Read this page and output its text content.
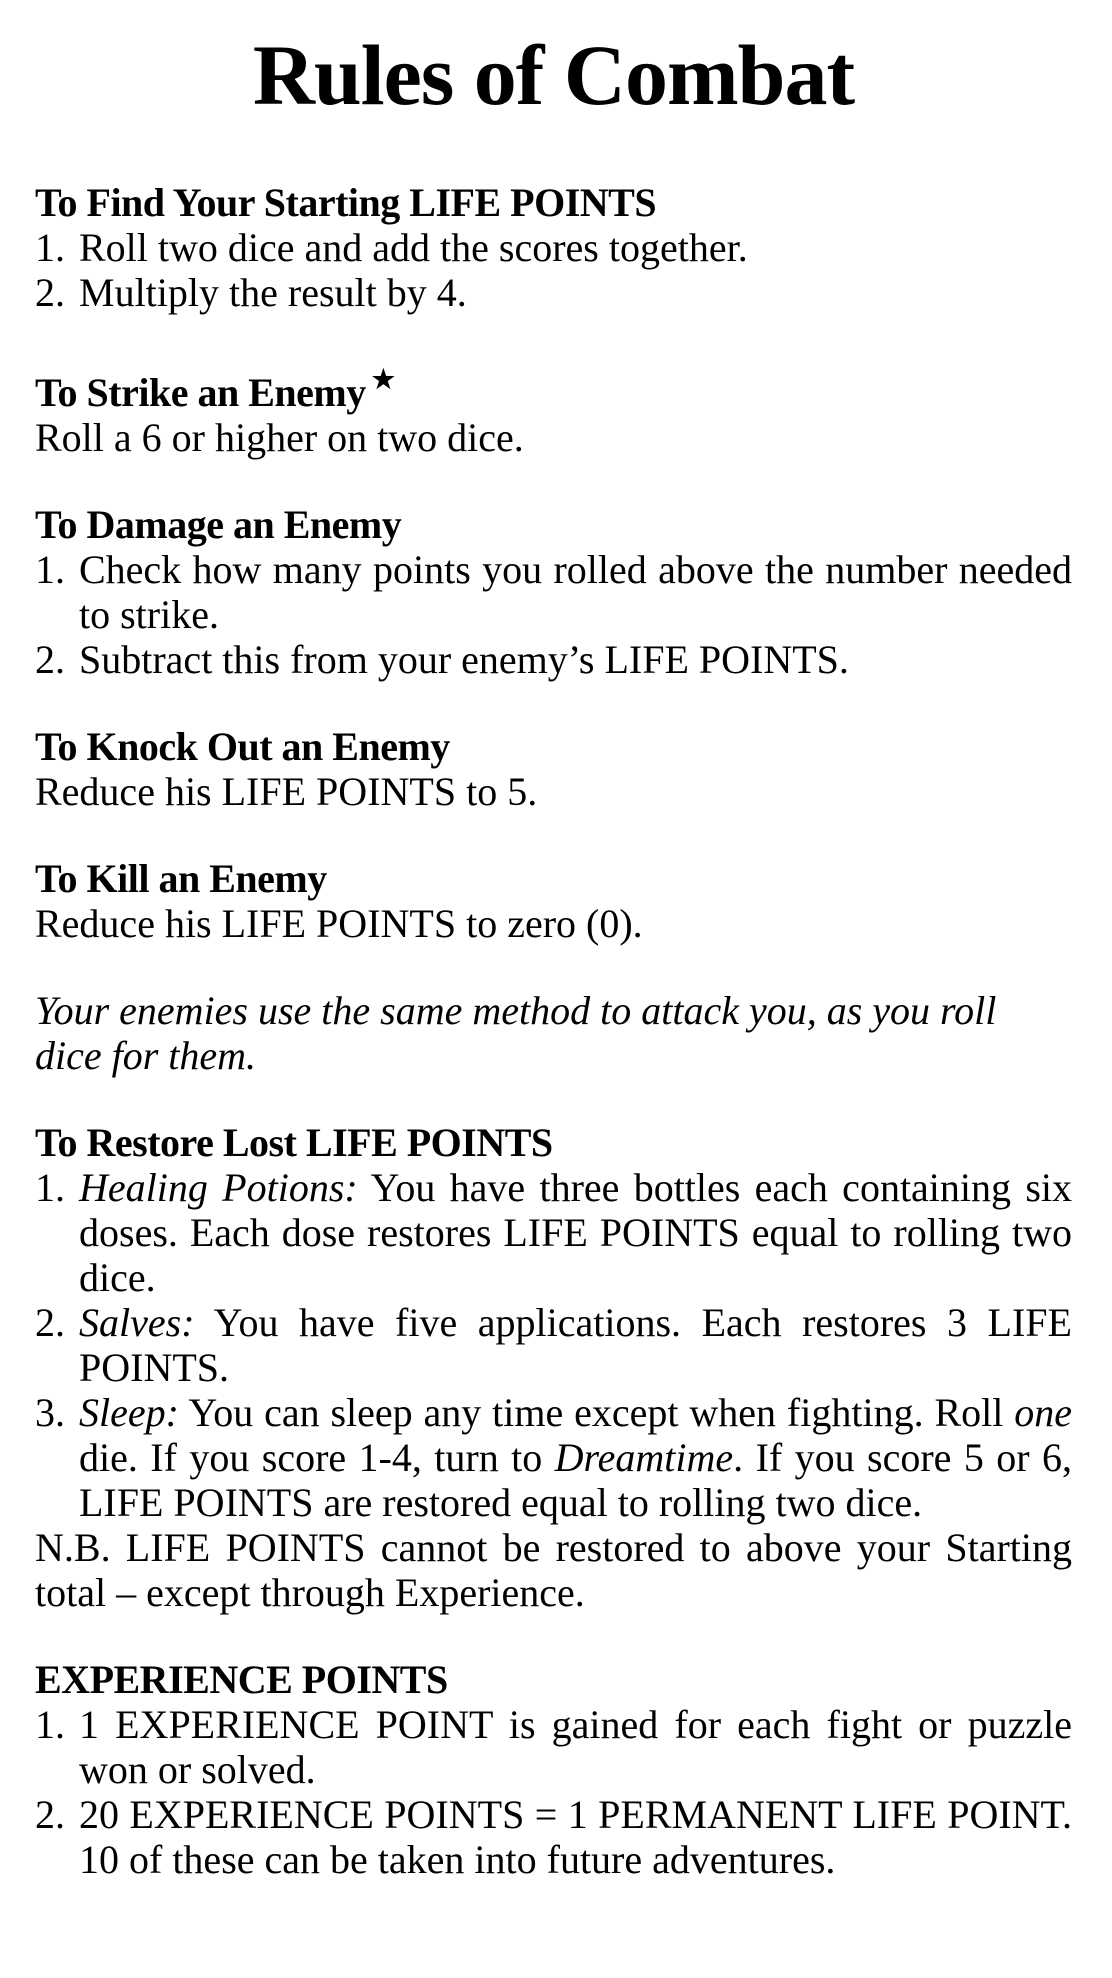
Rules of Combat
To Find Your Starting LIFE POINTS
1. Roll two dice and add the scores together.
2. Multiply the result by 4.
To Strike an Enemy ★
Roll a 6 or higher on two dice.
To Damage an Enemy
1. Check how many points you rolled above the number needed to strike.
2. Subtract this from your enemy’s LIFE POINTS.
To Knock Out an Enemy
Reduce his LIFE POINTS to 5.
To Kill an Enemy
Reduce his LIFE POINTS to zero (0).
Your enemies use the same method to attack you, as you roll dice for them.
To Restore Lost LIFE POINTS
1. Healing Potions: You have three bottles each containing six doses. Each dose restores LIFE POINTS equal to rolling two dice.
2. Salves: You have five applications. Each restores 3 LIFE POINTS.
3. Sleep: You can sleep any time except when fighting. Roll one die. If you score 1-4, turn to Dreamtime. If you score 5 or 6, LIFE POINTS are restored equal to rolling two dice.
N.B. LIFE POINTS cannot be restored to above your Starting total – except through Experience.
EXPERIENCE POINTS
1. 1 EXPERIENCE POINT is gained for each fight or puzzle won or solved.
2. 20 EXPERIENCE POINTS = 1 PERMANENT LIFE POINT. 10 of these can be taken into future adventures.
